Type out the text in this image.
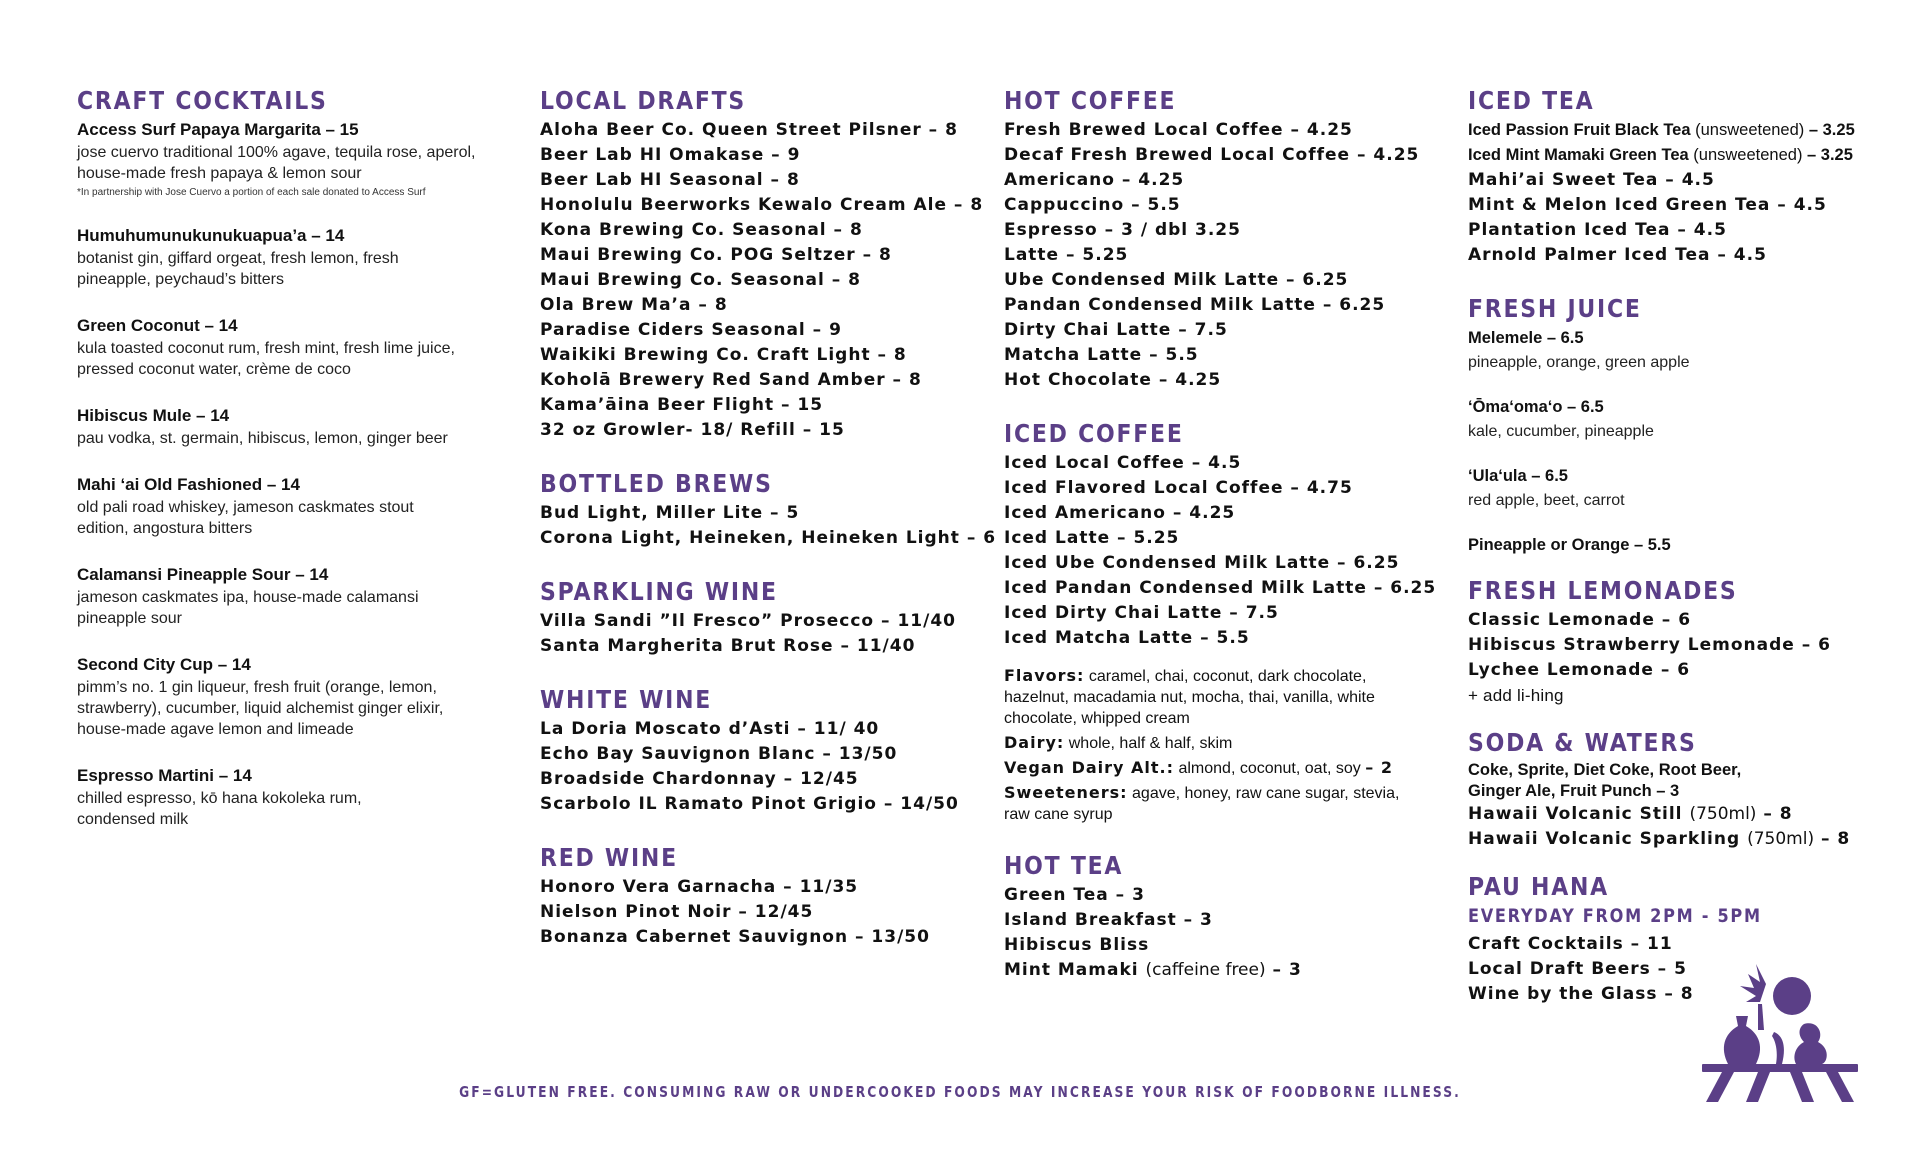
CRAFT COCKTAILS
Access Surf Papaya Margarita – 15
jose cuervo traditional 100% agave, tequila rose, aperol, house-made fresh papaya & lemon sour
*In partnership with Jose Cuervo a portion of each sale donated to Access Surf
Humuhumunukunukuapua’a – 14
botanist gin, giffard orgeat, fresh lemon, fresh pineapple, peychaud’s bitters
Green Coconut – 14
kula toasted coconut rum, fresh mint, fresh lime juice, pressed coconut water, crème de coco
Hibiscus Mule – 14
pau vodka, st. germain, hibiscus, lemon, ginger beer
Mahi ‘ai Old Fashioned – 14
old pali road whiskey, jameson caskmates stout edition, angostura bitters
Calamansi Pineapple Sour – 14
jameson caskmates ipa, house-made calamansi pineapple sour
Second City Cup – 14
pimm’s no. 1 gin liqueur, fresh fruit (orange, lemon, strawberry), cucumber, liquid alchemist ginger elixir, house-made agave lemon and limeade
Espresso Martini – 14
chilled espresso, kō hana kokoleka rum, condensed milk
LOCAL DRAFTS
Aloha Beer Co. Queen Street Pilsner – 8
Beer Lab HI Omakase – 9
Beer Lab HI Seasonal – 8
Honolulu Beerworks Kewalo Cream Ale – 8
Kona Brewing Co. Seasonal – 8
Maui Brewing Co. POG Seltzer – 8
Maui Brewing Co. Seasonal – 8
Ola Brew Ma’a – 8
Paradise Ciders Seasonal – 9
Waikiki Brewing Co. Craft Light – 8
Koholā Brewery Red Sand Amber – 8
Kama’āina Beer Flight – 15
32 oz Growler- 18/ Refill – 15
BOTTLED BREWS
Bud Light, Miller Lite – 5
Corona Light, Heineken, Heineken Light – 6
SPARKLING WINE
Villa Sandi ”Il Fresco” Prosecco – 11/40
Santa Margherita Brut Rose – 11/40
WHITE WINE
La Doria Moscato d’Asti – 11/ 40
Echo Bay Sauvignon Blanc – 13/50
Broadside Chardonnay – 12/45
Scarbolo IL Ramato Pinot Grigio – 14/50
RED WINE
Honoro Vera Garnacha – 11/35
Nielson Pinot Noir – 12/45
Bonanza Cabernet Sauvignon – 13/50
HOT COFFEE
Fresh Brewed Local Coffee – 4.25
Decaf Fresh Brewed Local Coffee – 4.25
Americano – 4.25
Cappuccino – 5.5
Espresso – 3 / dbl 3.25
Latte – 5.25
Ube Condensed Milk Latte – 6.25
Pandan Condensed Milk Latte – 6.25
Dirty Chai Latte – 7.5
Matcha Latte – 5.5
Hot Chocolate – 4.25
ICED COFFEE
Iced Local Coffee – 4.5
Iced Flavored Local Coffee – 4.75
Iced Americano – 4.25
Iced Latte – 5.25
Iced Ube Condensed Milk Latte – 6.25
Iced Pandan Condensed Milk Latte – 6.25
Iced Dirty Chai Latte – 7.5
Iced Matcha Latte – 5.5
Flavors: caramel, chai, coconut, dark chocolate, hazelnut, macadamia nut, mocha, thai, vanilla, white chocolate, whipped cream
Dairy: whole, half & half, skim
Vegan Dairy Alt.: almond, coconut, oat, soy – 2
Sweeteners: agave, honey, raw cane sugar, stevia, raw cane syrup
HOT TEA
Green Tea – 3
Island Breakfast – 3
Hibiscus Bliss
Mint Mamaki (caffeine free) – 3
ICED TEA
Iced Passion Fruit Black Tea (unsweetened) – 3.25
Iced Mint Mamaki Green Tea (unsweetened) – 3.25
Mahi’ai Sweet Tea – 4.5
Mint & Melon Iced Green Tea – 4.5
Plantation Iced Tea – 4.5
Arnold Palmer Iced Tea – 4.5
FRESH JUICE
Melemele – 6.5
pineapple, orange, green apple
‘Ōma‘oma‘o – 6.5
kale, cucumber, pineapple
‘Ula‘ula – 6.5
red apple, beet, carrot
Pineapple or Orange – 5.5
FRESH LEMONADES
Classic Lemonade – 6
Hibiscus Strawberry Lemonade – 6
Lychee Lemonade – 6
+ add li-hing
SODA & WATERS
Coke, Sprite, Diet Coke, Root Beer,
Ginger Ale, Fruit Punch – 3
Hawaii Volcanic Still (750ml) – 8
Hawaii Volcanic Sparkling (750ml) – 8
PAU HANA
EVERYDAY FROM 2PM - 5PM
Craft Cocktails – 11
Local Draft Beers – 5
Wine by the Glass – 8
GF=GLUTEN FREE. CONSUMING RAW OR UNDERCOOKED FOODS MAY INCREASE YOUR RISK OF FOODBORNE ILLNESS.
